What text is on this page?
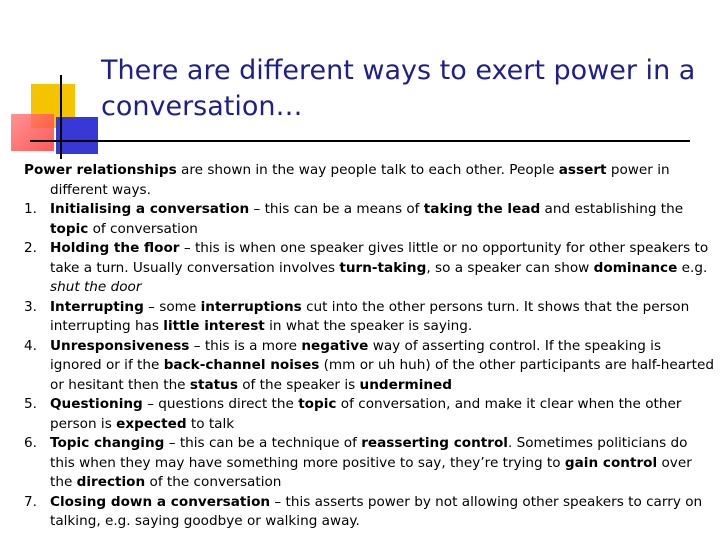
There are different ways to exert power in a conversation…

Power relationships are shown in the way people talk to each other. People assert power in different ways.

1. Initialising a conversation – this can be a means of taking the lead and establishing the topic of conversation
2. Holding the floor – this is when one speaker gives little or no opportunity for other speakers to take a turn. Usually conversation involves turn-taking, so a speaker can show dominance e.g. shut the door
3. Interrupting – some interruptions cut into the other persons turn. It shows that the person interrupting has little interest in what the speaker is saying.
4. Unresponsiveness – this is a more negative way of asserting control. If the speaking is ignored or if the back-channel noises (mm or uh huh) of the other participants are half-hearted or hesitant then the status of the speaker is undermined
5. Questioning – questions direct the topic of conversation, and make it clear when the other person is expected to talk
6. Topic changing – this can be a technique of reasserting control. Sometimes politicians do this when they may have something more positive to say, they’re trying to gain control over the direction of the conversation
7. Closing down a conversation – this asserts power by not allowing other speakers to carry on talking, e.g. saying goodbye or walking away.
